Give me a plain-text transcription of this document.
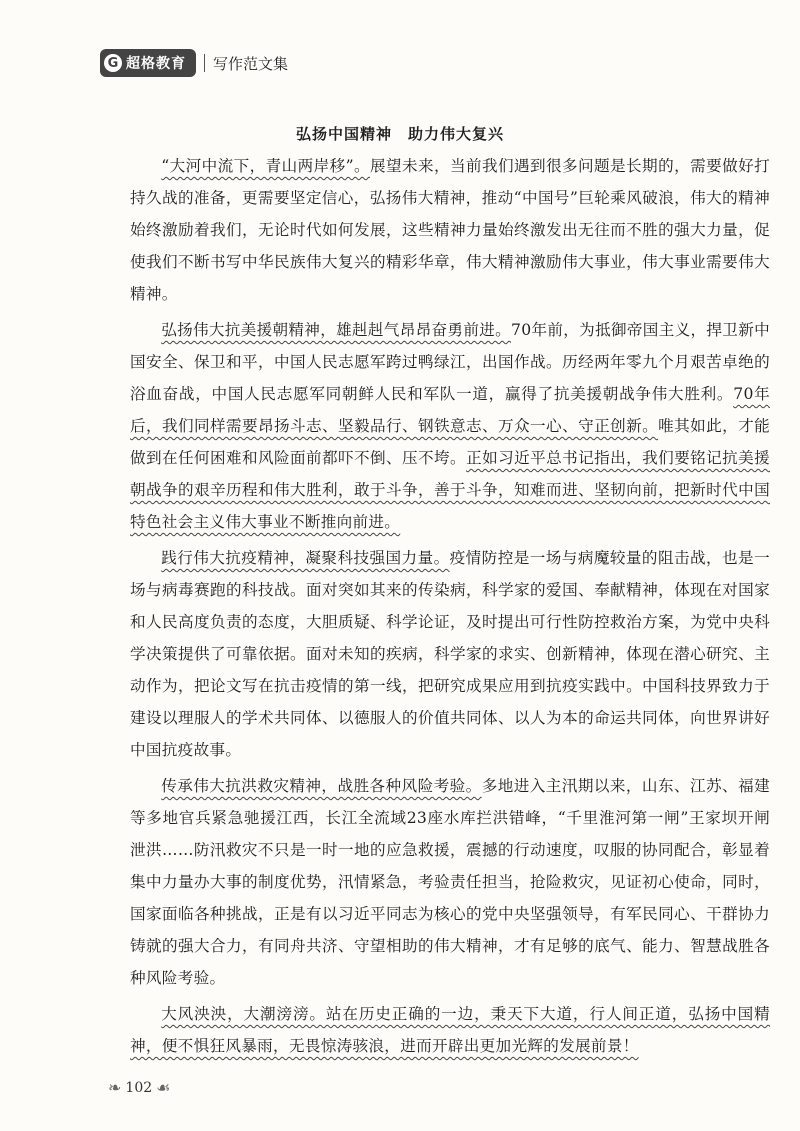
G 超格教育 写作范文集
弘扬中国精神　助力伟大复兴

“大河中流下，青山两岸移”。展望未来，当前我们遇到很多问题是长期的，需要做好打持久战的准备，更需要坚定信心，弘扬伟大精神，推动“中国号”巨轮乘风破浪，伟大的精神始终激励着我们，无论时代如何发展，这些精神力量始终激发出无往而不胜的强大力量，促使我们不断书写中华民族伟大复兴的精彩华章，伟大精神激励伟大事业，伟大事业需要伟大精神。

弘扬伟大抗美援朝精神，雄赳赳气昂昂奋勇前进。70年前，为抵御帝国主义，捍卫新中国安全、保卫和平，中国人民志愿军跨过鸭绿江，出国作战。历经两年零九个月艰苦卓绝的浴血奋战，中国人民志愿军同朝鲜人民和军队一道，赢得了抗美援朝战争伟大胜利。70年后，我们同样需要昂扬斗志、坚毅品行、钢铁意志、万众一心、守正创新。唯其如此，才能做到在任何困难和风险面前都吓不倒、压不垮。正如习近平总书记指出，我们要铭记抗美援朝战争的艰辛历程和伟大胜利，敢于斗争，善于斗争，知难而进、坚韧向前，把新时代中国特色社会主义伟大事业不断推向前进。

践行伟大抗疫精神，凝聚科技强国力量。疫情防控是一场与病魔较量的阻击战，也是一场与病毒赛跑的科技战。面对突如其来的传染病，科学家的爱国、奉献精神，体现在对国家和人民高度负责的态度，大胆质疑、科学论证，及时提出可行性防控救治方案，为党中央科学决策提供了可靠依据。面对未知的疾病，科学家的求实、创新精神，体现在潜心研究、主动作为，把论文写在抗击疫情的第一线，把研究成果应用到抗疫实践中。中国科技界致力于建设以理服人的学术共同体、以德服人的价值共同体、以人为本的命运共同体，向世界讲好中国抗疫故事。

传承伟大抗洪救灾精神，战胜各种风险考验。多地进入主汛期以来，山东、江苏、福建等多地官兵紧急驰援江西，长江全流域23座水库拦洪错峰，“千里淮河第一闸”王家坝开闸泄洪……防汛救灾不只是一时一地的应急救援，震撼的行动速度，叹服的协同配合，彰显着集中力量办大事的制度优势，汛情紧急，考验责任担当，抢险救灾，见证初心使命，同时，国家面临各种挑战，正是有以习近平同志为核心的党中央坚强领导，有军民同心、干群协力铸就的强大合力，有同舟共济、守望相助的伟大精神，才有足够的底气、能力、智慧战胜各种风险考验。

大风泱泱，大潮滂滂。站在历史正确的一边，秉天下大道，行人间正道，弘扬中国精神，便不惧狂风暴雨，无畏惊涛骇浪，进而开辟出更加光辉的发展前景！

❧ 102 ☙
